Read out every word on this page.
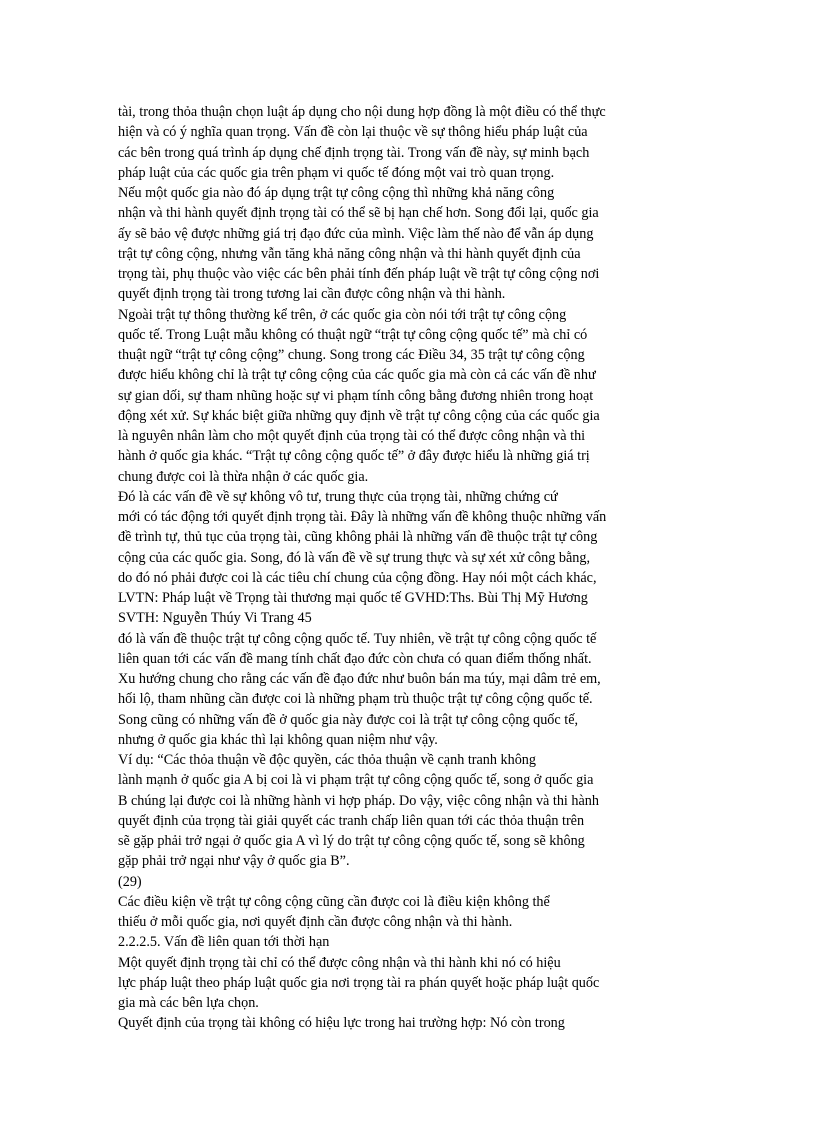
tài, trong thỏa thuận chọn luật áp dụng cho nội dung hợp đồng là một điều có thể thực
hiện và có ý nghĩa quan trọng. Vấn đề còn lại thuộc về sự thông hiểu pháp luật của
các bên trong quá trình áp dụng chế định trọng tài. Trong vấn đề này, sự minh bạch
pháp luật của các quốc gia trên phạm vi quốc tế đóng một vai trò quan trọng.
Nếu một quốc gia nào đó áp dụng trật tự công cộng thì những khả năng công
nhận và thi hành quyết định trọng tài có thể sẽ bị hạn chế hơn. Song đổi lại, quốc gia
ấy sẽ bảo vệ được những giá trị đạo đức của mình. Việc làm thế nào để vẫn áp dụng
trật tự công cộng, nhưng vẫn tăng khả năng công nhận và thi hành quyết định của
trọng tài, phụ thuộc vào việc các bên phải tính đến pháp luật về trật tự công cộng nơi
quyết định trọng tài trong tương lai cần được công nhận và thi hành.
Ngoài trật tự thông thường kể trên, ở các quốc gia còn nói tới trật tự công cộng
quốc tế. Trong Luật mẫu không có thuật ngữ “trật tự công cộng quốc tế” mà chỉ có
thuật ngữ “trật tự công cộng” chung. Song trong các Điều 34, 35 trật tự công cộng
được hiểu không chỉ là trật tự công cộng của các quốc gia mà còn cả các vấn đề như
sự gian dối, sự tham nhũng hoặc sự vi phạm tính công bằng đương nhiên trong hoạt
động xét xử. Sự khác biệt giữa những quy định về trật tự công cộng của các quốc gia
là nguyên nhân làm cho một quyết định của trọng tài có thể được công nhận và thi
hành ở quốc gia khác. “Trật tự công cộng quốc tế” ở đây được hiểu là những giá trị
chung được coi là thừa nhận ở các quốc gia.
Đó là các vấn đề về sự không vô tư, trung thực của trọng tài, những chứng cứ
mới có tác động tới quyết định trọng tài. Đây là những vấn đề không thuộc những vấn
đề trình tự, thủ tục của trọng tài, cũng không phải là những vấn đề thuộc trật tự công
cộng của các quốc gia. Song, đó là vấn đề về sự trung thực và sự xét xử công bằng,
do đó nó phải được coi là các tiêu chí chung của cộng đồng. Hay nói một cách khác,
LVTN: Pháp luật về Trọng tài thương mại quốc tế GVHD:Ths. Bùi Thị Mỹ Hương
SVTH: Nguyễn Thúy Vi Trang 45
đó là vấn đề thuộc trật tự công cộng quốc tế. Tuy nhiên, về trật tự công cộng quốc tế
liên quan tới các vấn đề mang tính chất đạo đức còn chưa có quan điểm thống nhất.
Xu hướng chung cho rằng các vấn đề đạo đức như buôn bán ma túy, mại dâm trẻ em,
hối lộ, tham nhũng cần được coi là những phạm trù thuộc trật tự công cộng quốc tế.
Song cũng có những vấn đề ở quốc gia này được coi là trật tự công cộng quốc tế,
nhưng ở quốc gia khác thì lại không quan niệm như vậy.
Ví dụ: “Các thỏa thuận về độc quyền, các thỏa thuận về cạnh tranh không
lành mạnh ở quốc gia A bị coi là vi phạm trật tự công cộng quốc tế, song ở quốc gia
B chúng lại được coi là những hành vi hợp pháp. Do vậy, việc công nhận và thi hành
quyết định của trọng tài giải quyết các tranh chấp liên quan tới các thỏa thuận trên
sẽ gặp phải trở ngại ở quốc gia A vì lý do trật tự công cộng quốc tế, song sẽ không
gặp phải trở ngại như vậy ở quốc gia B”.
(29)
Các điều kiện về trật tự công cộng cũng cần được coi là điều kiện không thể
thiếu ở mỗi quốc gia, nơi quyết định cần được công nhận và thi hành.
2.2.2.5. Vấn đề liên quan tới thời hạn
Một quyết định trọng tài chỉ có thể được công nhận và thi hành khi nó có hiệu
lực pháp luật theo pháp luật quốc gia nơi trọng tài ra phán quyết hoặc pháp luật quốc
gia mà các bên lựa chọn.
Quyết định của trọng tài không có hiệu lực trong hai trường hợp: Nó còn trong
